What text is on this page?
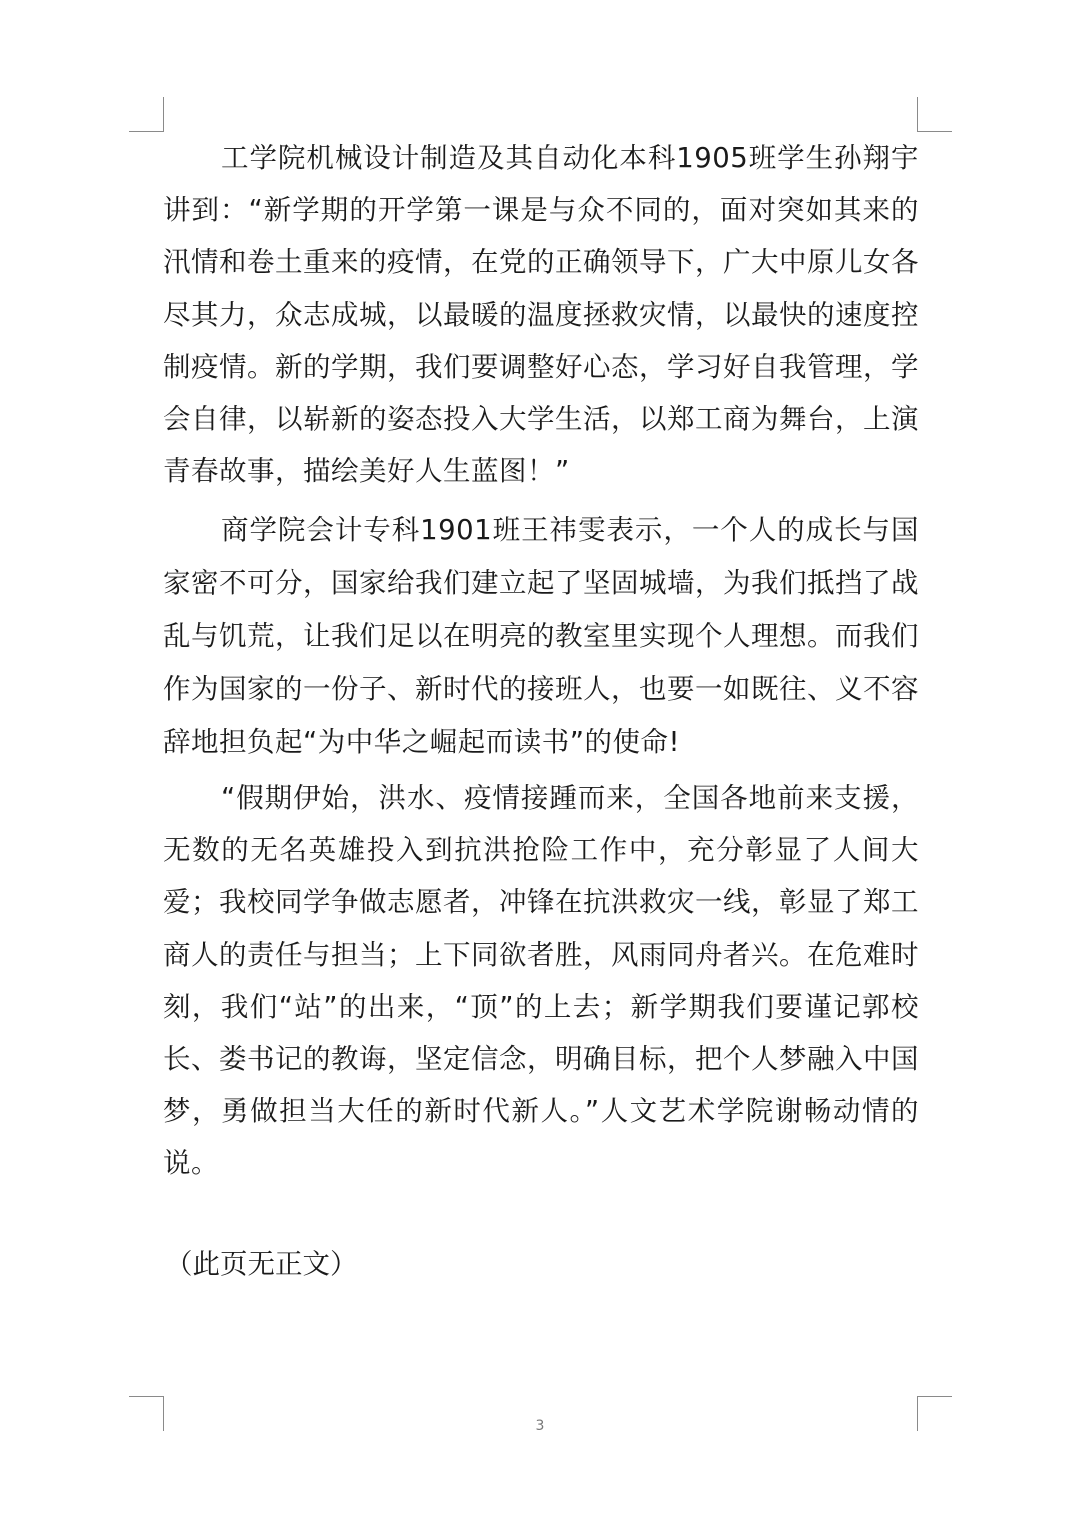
工学院机械设计制造及其自动化本科1905班学生孙翔宇讲到：“新学期的开学第一课是与众不同的，面对突如其来的汛情和卷土重来的疫情，在党的正确领导下，广大中原儿女各尽其力，众志成城，以最暖的温度拯救灾情，以最快的速度控制疫情。新的学期，我们要调整好心态，学习好自我管理，学会自律，以崭新的姿态投入大学生活，以郑工商为舞台，上演青春故事，描绘美好人生蓝图！”

商学院会计专科1901班王祎雯表示，一个人的成长与国家密不可分，国家给我们建立起了坚固城墙，为我们抵挡了战乱与饥荒，让我们足以在明亮的教室里实现个人理想。而我们作为国家的一份子、新时代的接班人，也要一如既往、义不容辞地担负起“为中华之崛起而读书”的使命!

“假期伊始，洪水、疫情接踵而来，全国各地前来支援，无数的无名英雄投入到抗洪抢险工作中，充分彰显了人间大爱；我校同学争做志愿者，冲锋在抗洪救灾一线，彰显了郑工商人的责任与担当；上下同欲者胜，风雨同舟者兴。在危难时刻，我们“站”的出来，“顶”的上去；新学期我们要谨记郭校长、娄书记的教诲，坚定信念，明确目标，把个人梦融入中国梦，勇做担当大任的新时代新人。”人文艺术学院谢畅动情的说。

（此页无正文）

3
